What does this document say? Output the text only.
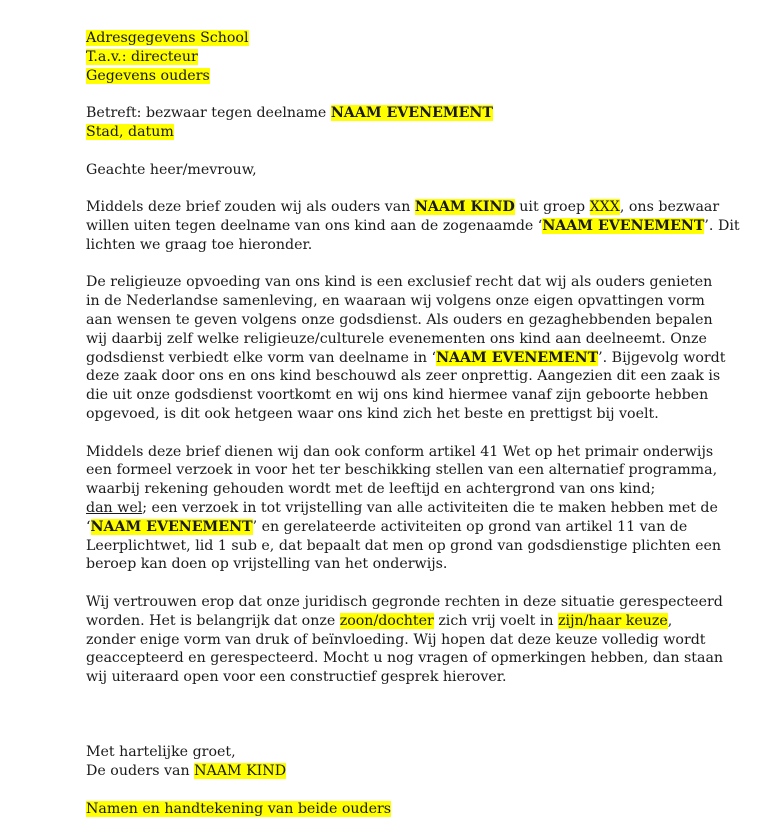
Adresgegevens School
T.a.v.: directeur
Gegevens ouders
Betreft: bezwaar tegen deelname NAAM EVENEMENT
Stad, datum
Geachte heer/mevrouw,
Middels deze brief zouden wij als ouders van NAAM KIND uit groep XXX, ons bezwaar
willen uiten tegen deelname van ons kind aan de zogenaamde ‘NAAM EVENEMENT’. Dit
lichten we graag toe hieronder.
De religieuze opvoeding van ons kind is een exclusief recht dat wij als ouders genieten
in de Nederlandse samenleving, en waaraan wij volgens onze eigen opvattingen vorm
aan wensen te geven volgens onze godsdienst. Als ouders en gezaghebbenden bepalen
wij daarbij zelf welke religieuze/culturele evenementen ons kind aan deelneemt. Onze
godsdienst verbiedt elke vorm van deelname in ‘NAAM EVENEMENT’. Bijgevolg wordt
deze zaak door ons en ons kind beschouwd als zeer onprettig. Aangezien dit een zaak is
die uit onze godsdienst voortkomt en wij ons kind hiermee vanaf zijn geboorte hebben
opgevoed, is dit ook hetgeen waar ons kind zich het beste en prettigst bij voelt.
Middels deze brief dienen wij dan ook conform artikel 41 Wet op het primair onderwijs
een formeel verzoek in voor het ter beschikking stellen van een alternatief programma,
waarbij rekening gehouden wordt met de leeftijd en achtergrond van ons kind;
dan wel; een verzoek in tot vrijstelling van alle activiteiten die te maken hebben met de
‘NAAM EVENEMENT’ en gerelateerde activiteiten op grond van artikel 11 van de
Leerplichtwet, lid 1 sub e, dat bepaalt dat men op grond van godsdienstige plichten een
beroep kan doen op vrijstelling van het onderwijs.
Wij vertrouwen erop dat onze juridisch gegronde rechten in deze situatie gerespecteerd
worden. Het is belangrijk dat onze zoon/dochter zich vrij voelt in zijn/haar keuze,
zonder enige vorm van druk of beïnvloeding. Wij hopen dat deze keuze volledig wordt
geaccepteerd en gerespecteerd. Mocht u nog vragen of opmerkingen hebben, dan staan
wij uiteraard open voor een constructief gesprek hierover.
Met hartelijke groet,
De ouders van NAAM KIND
Namen en handtekening van beide ouders
